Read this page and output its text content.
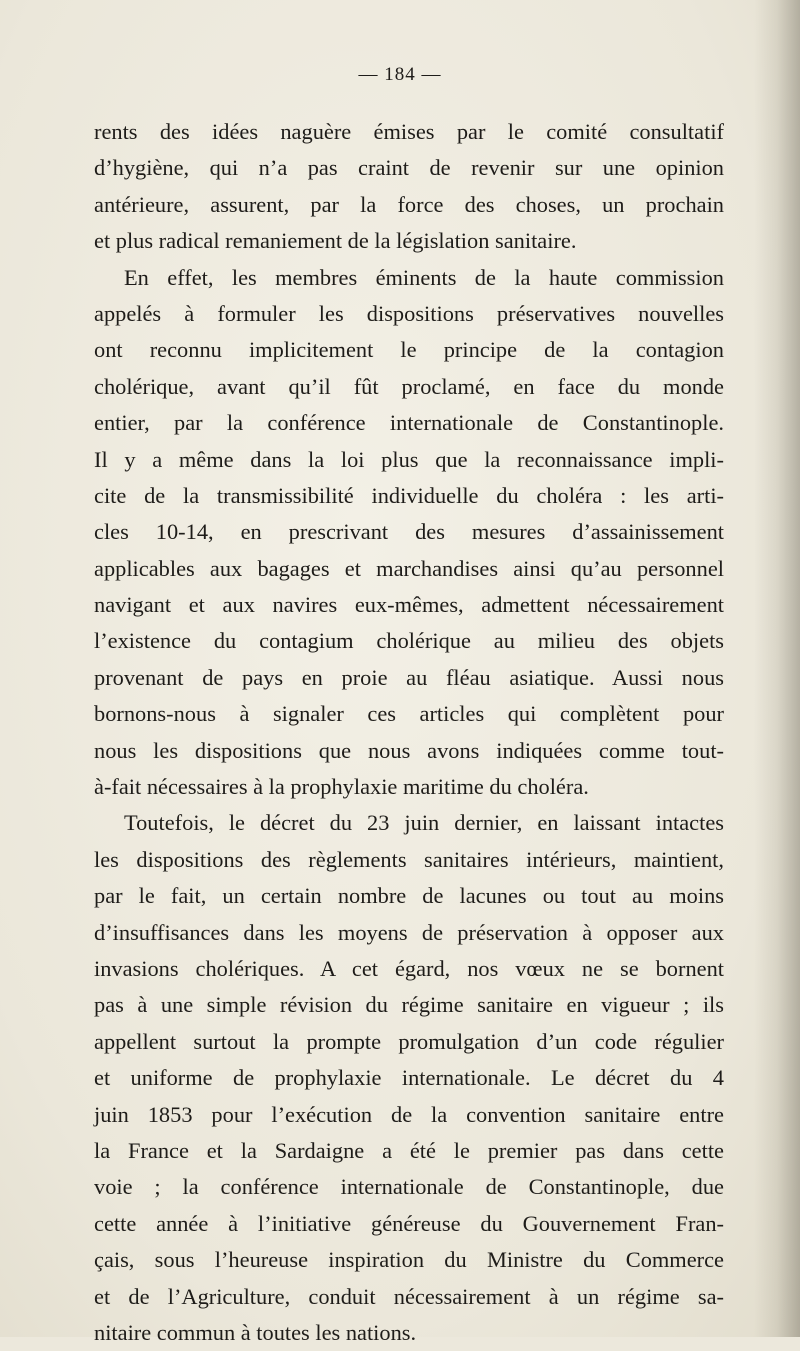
— 184 —
rents des idées naguère émises par le comité consultatif
d’hygiène, qui n’a pas craint de revenir sur une opinion
antérieure, assurent, par la force des choses, un prochain
et plus radical remaniement de la législation sanitaire.
En effet, les membres éminents de la haute commission
appelés à formuler les dispositions préservatives nouvelles
ont reconnu implicitement le principe de la contagion
cholérique, avant qu’il fût proclamé, en face du monde
entier, par la conférence internationale de Constantinople.
Il y a même dans la loi plus que la reconnaissance impli-
cite de la transmissibilité individuelle du choléra : les arti-
cles 10-14, en prescrivant des mesures d’assainissement
applicables aux bagages et marchandises ainsi qu’au personnel
navigant et aux navires eux-mêmes, admettent nécessairement
l’existence du contagium cholérique au milieu des objets
provenant de pays en proie au fléau asiatique. Aussi nous
bornons-nous à signaler ces articles qui complètent pour
nous les dispositions que nous avons indiquées comme tout-
à-fait nécessaires à la prophylaxie maritime du choléra.
Toutefois, le décret du 23 juin dernier, en laissant intactes
les dispositions des règlements sanitaires intérieurs, maintient,
par le fait, un certain nombre de lacunes ou tout au moins
d’insuffisances dans les moyens de préservation à opposer aux
invasions cholériques. A cet égard, nos vœux ne se bornent
pas à une simple révision du régime sanitaire en vigueur ; ils
appellent surtout la prompte promulgation d’un code régulier
et uniforme de prophylaxie internationale. Le décret du 4
juin 1853 pour l’exécution de la convention sanitaire entre
la France et la Sardaigne a été le premier pas dans cette
voie ; la conférence internationale de Constantinople, due
cette année à l’initiative généreuse du Gouvernement Fran-
çais, sous l’heureuse inspiration du Ministre du Commerce
et de l’Agriculture, conduit nécessairement à un régime sa-
nitaire commun à toutes les nations.
